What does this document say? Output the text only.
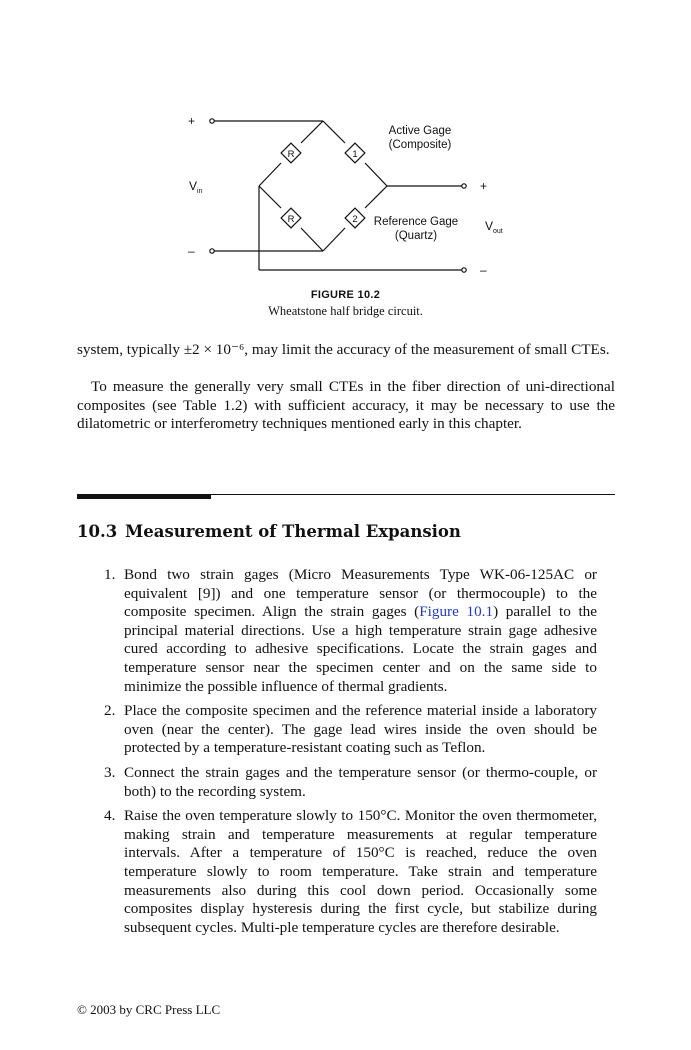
+
–
$V_{in}$	+
–
$V_{out}$
R
R
1
2
Active Gage
(Composite)
Reference Gage
(Quartz)
FIGURE 10.2
Wheatstone half bridge circuit.

system, typically ±2 × 10⁻⁶, may limit the accuracy of the measurement of small CTEs.

To measure the generally very small CTEs in the fiber direction of uni-directional composites (see Table 1.2) with sufficient accuracy, it may be necessary to use the dilatometric or interferometry techniques mentioned early in this chapter.

10.3 Measurement of Thermal Expansion
1. Bond two strain gages (Micro Measurements Type WK-06-125AC or equivalent [9]) and one temperature sensor (or thermocouple) to the composite specimen. Align the strain gages (Figure 10.1) parallel to the principal material directions. Use a high temperature strain gage adhesive cured according to adhesive specifications. Locate the strain gages and temperature sensor near the specimen center and on the same side to minimize the possible influence of thermal gradients.
2. Place the composite specimen and the reference material inside a laboratory oven (near the center). The gage lead wires inside the oven should be protected by a temperature-resistant coating such as Teflon.
3. Connect the strain gages and the temperature sensor (or thermo-couple, or both) to the recording system.
4. Raise the oven temperature slowly to 150°C. Monitor the oven thermometer, making strain and temperature measurements at regular temperature intervals. After a temperature of 150°C is reached, reduce the oven temperature slowly to room temperature. Take strain and temperature measurements also during this cool down period. Occasionally some composites display hysteresis during the first cycle, but stabilize during subsequent cycles. Multi-ple temperature cycles are therefore desirable.
© 2003 by CRC Press LLC
